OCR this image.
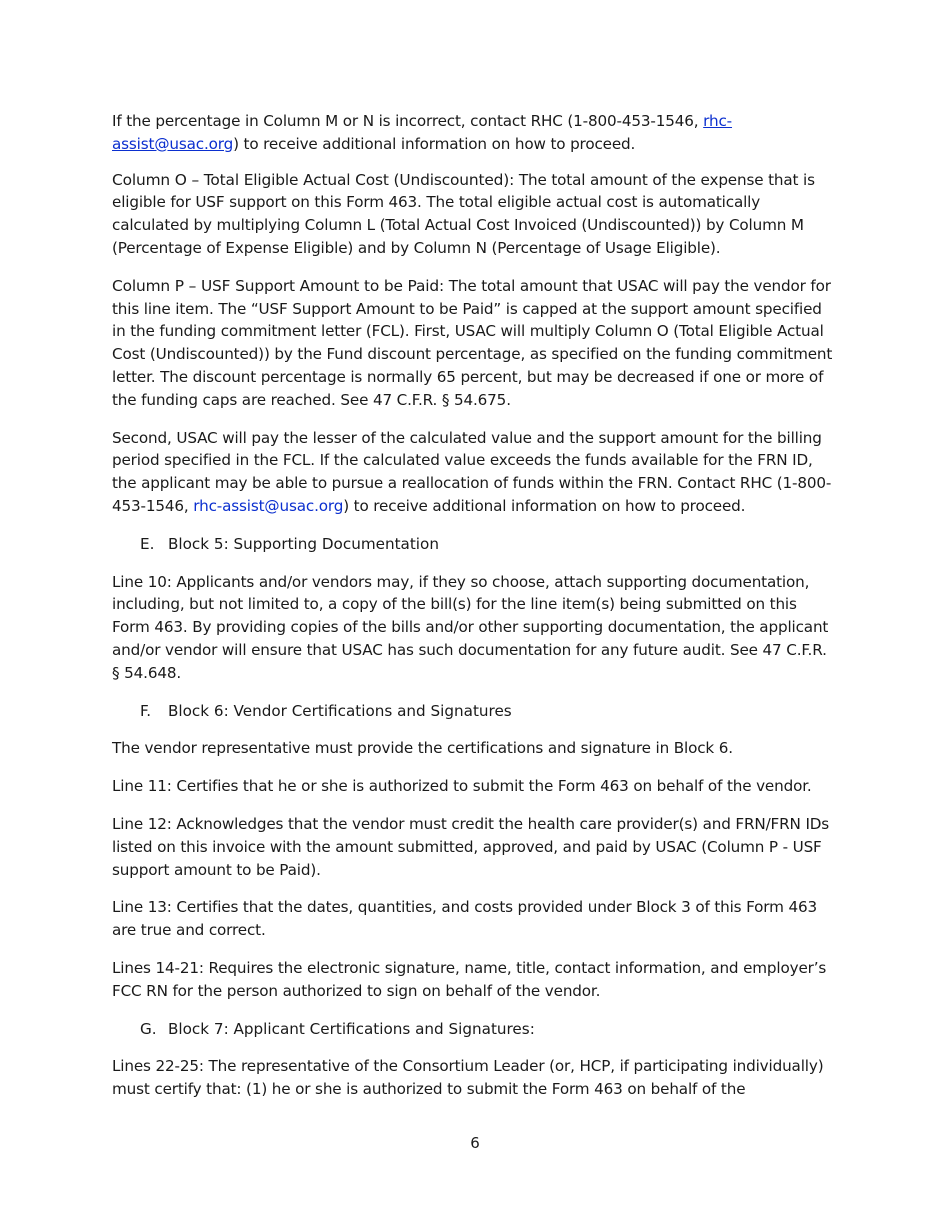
If the percentage in Column M or N is incorrect, contact RHC (1-800-453-1546, rhc-assist@usac.org) to receive additional information on how to proceed.

Column O – Total Eligible Actual Cost (Undiscounted): The total amount of the expense that is eligible for USF support on this Form 463. The total eligible actual cost is automatically calculated by multiplying Column L (Total Actual Cost Invoiced (Undiscounted)) by Column M (Percentage of Expense Eligible) and by Column N (Percentage of Usage Eligible).

Column P – USF Support Amount to be Paid: The total amount that USAC will pay the vendor for this line item. The “USF Support Amount to be Paid” is capped at the support amount specified in the funding commitment letter (FCL). First, USAC will multiply Column O (Total Eligible Actual Cost (Undiscounted)) by the Fund discount percentage, as specified on the funding commitment letter. The discount percentage is normally 65 percent, but may be decreased if one or more of the funding caps are reached. See 47 C.F.R. § 54.675.

Second, USAC will pay the lesser of the calculated value and the support amount for the billing period specified in the FCL. If the calculated value exceeds the funds available for the FRN ID, the applicant may be able to pursue a reallocation of funds within the FRN. Contact RHC (1-800-453-1546, rhc-assist@usac.org) to receive additional information on how to proceed.

E. Block 5: Supporting Documentation

Line 10: Applicants and/or vendors may, if they so choose, attach supporting documentation, including, but not limited to, a copy of the bill(s) for the line item(s) being submitted on this Form 463. By providing copies of the bills and/or other supporting documentation, the applicant and/or vendor will ensure that USAC has such documentation for any future audit. See 47 C.F.R. § 54.648.

F. Block 6: Vendor Certifications and Signatures

The vendor representative must provide the certifications and signature in Block 6.

Line 11: Certifies that he or she is authorized to submit the Form 463 on behalf of the vendor.

Line 12: Acknowledges that the vendor must credit the health care provider(s) and FRN/FRN IDs listed on this invoice with the amount submitted, approved, and paid by USAC (Column P - USF support amount to be Paid).

Line 13: Certifies that the dates, quantities, and costs provided under Block 3 of this Form 463 are true and correct.

Lines 14-21: Requires the electronic signature, name, title, contact information, and employer’s FCC RN for the person authorized to sign on behalf of the vendor.

G. Block 7: Applicant Certifications and Signatures:

Lines 22-25: The representative of the Consortium Leader (or, HCP, if participating individually) must certify that: (1) he or she is authorized to submit the Form 463 on behalf of the

6
